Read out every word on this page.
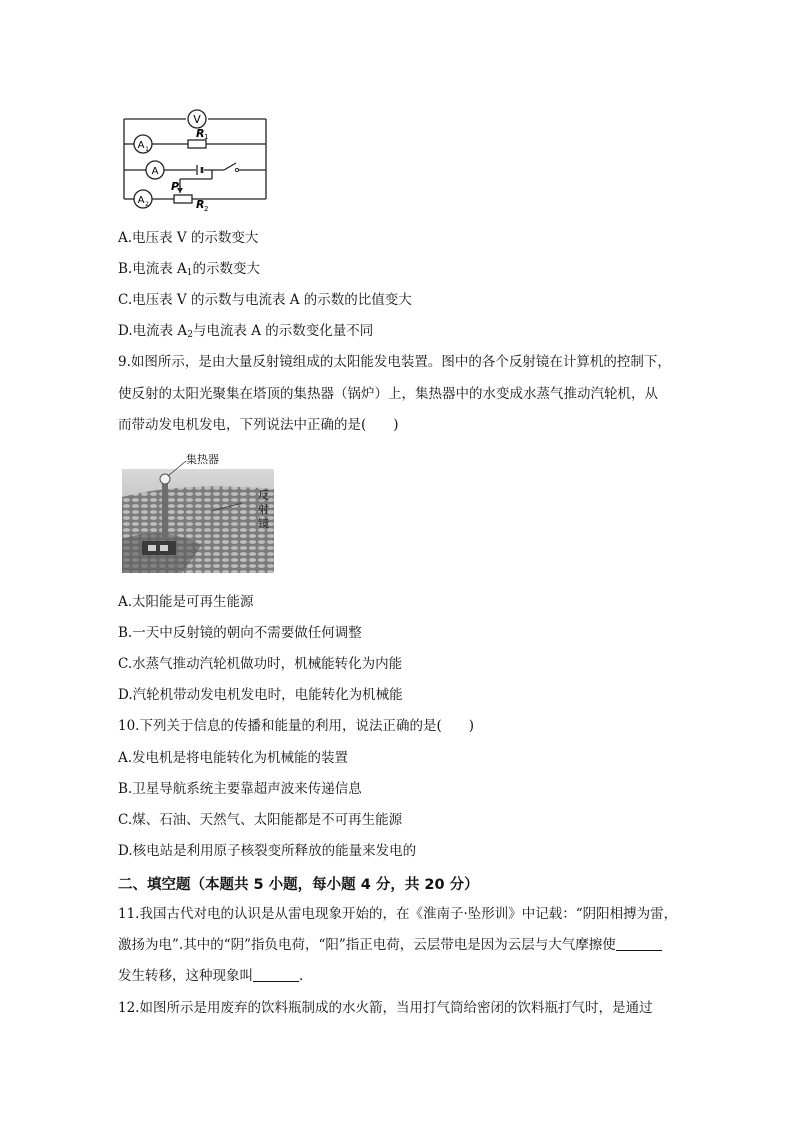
V
A 1
A
A 2
R 1
P
R 2
A.电压表 V 的示数变大
B.电流表 $A_1$的示数变大
C.电压表 V 的示数与电流表 A 的示数的比值变大
D.电流表 $A_2$与电流表 A 的示数变化量不同
9.如图所示，是由大量反射镜组成的太阳能发电装置。图中的各个反射镜在计算机的控制下，
使反射的太阳光聚集在塔顶的集热器（锅炉）上，集热器中的水变成水蒸气推动汽轮机，从
而带动发电机发电，下列说法中正确的是(　　)
集热器
反
射
镜
A.太阳能是可再生能源
B.一天中反射镜的朝向不需要做任何调整
C.水蒸气推动汽轮机做功时，机械能转化为内能
D.汽轮机带动发电机发电时，电能转化为机械能
10.下列关于信息的传播和能量的利用，说法正确的是(　　)
A.发电机是将电能转化为机械能的装置
B.卫星导航系统主要靠超声波来传递信息
C.煤、石油、天然气、太阳能都是不可再生能源
D.核电站是利用原子核裂变所释放的能量来发电的
二、填空题（本题共 5 小题，每小题 4 分，共 20 分）
11.我国古代对电的认识是从雷电现象开始的，在《淮南子·坠形训》中记载：“阴阳相搏为雷，
激扬为电”.其中的“阴”指负电荷，“阳”指正电荷，云层带电是因为云层与大气摩擦使
发生转移，这种现象叫	.
12.如图所示是用废弃的饮料瓶制成的水火箭，当用打气筒给密闭的饮料瓶打气时，是通过
